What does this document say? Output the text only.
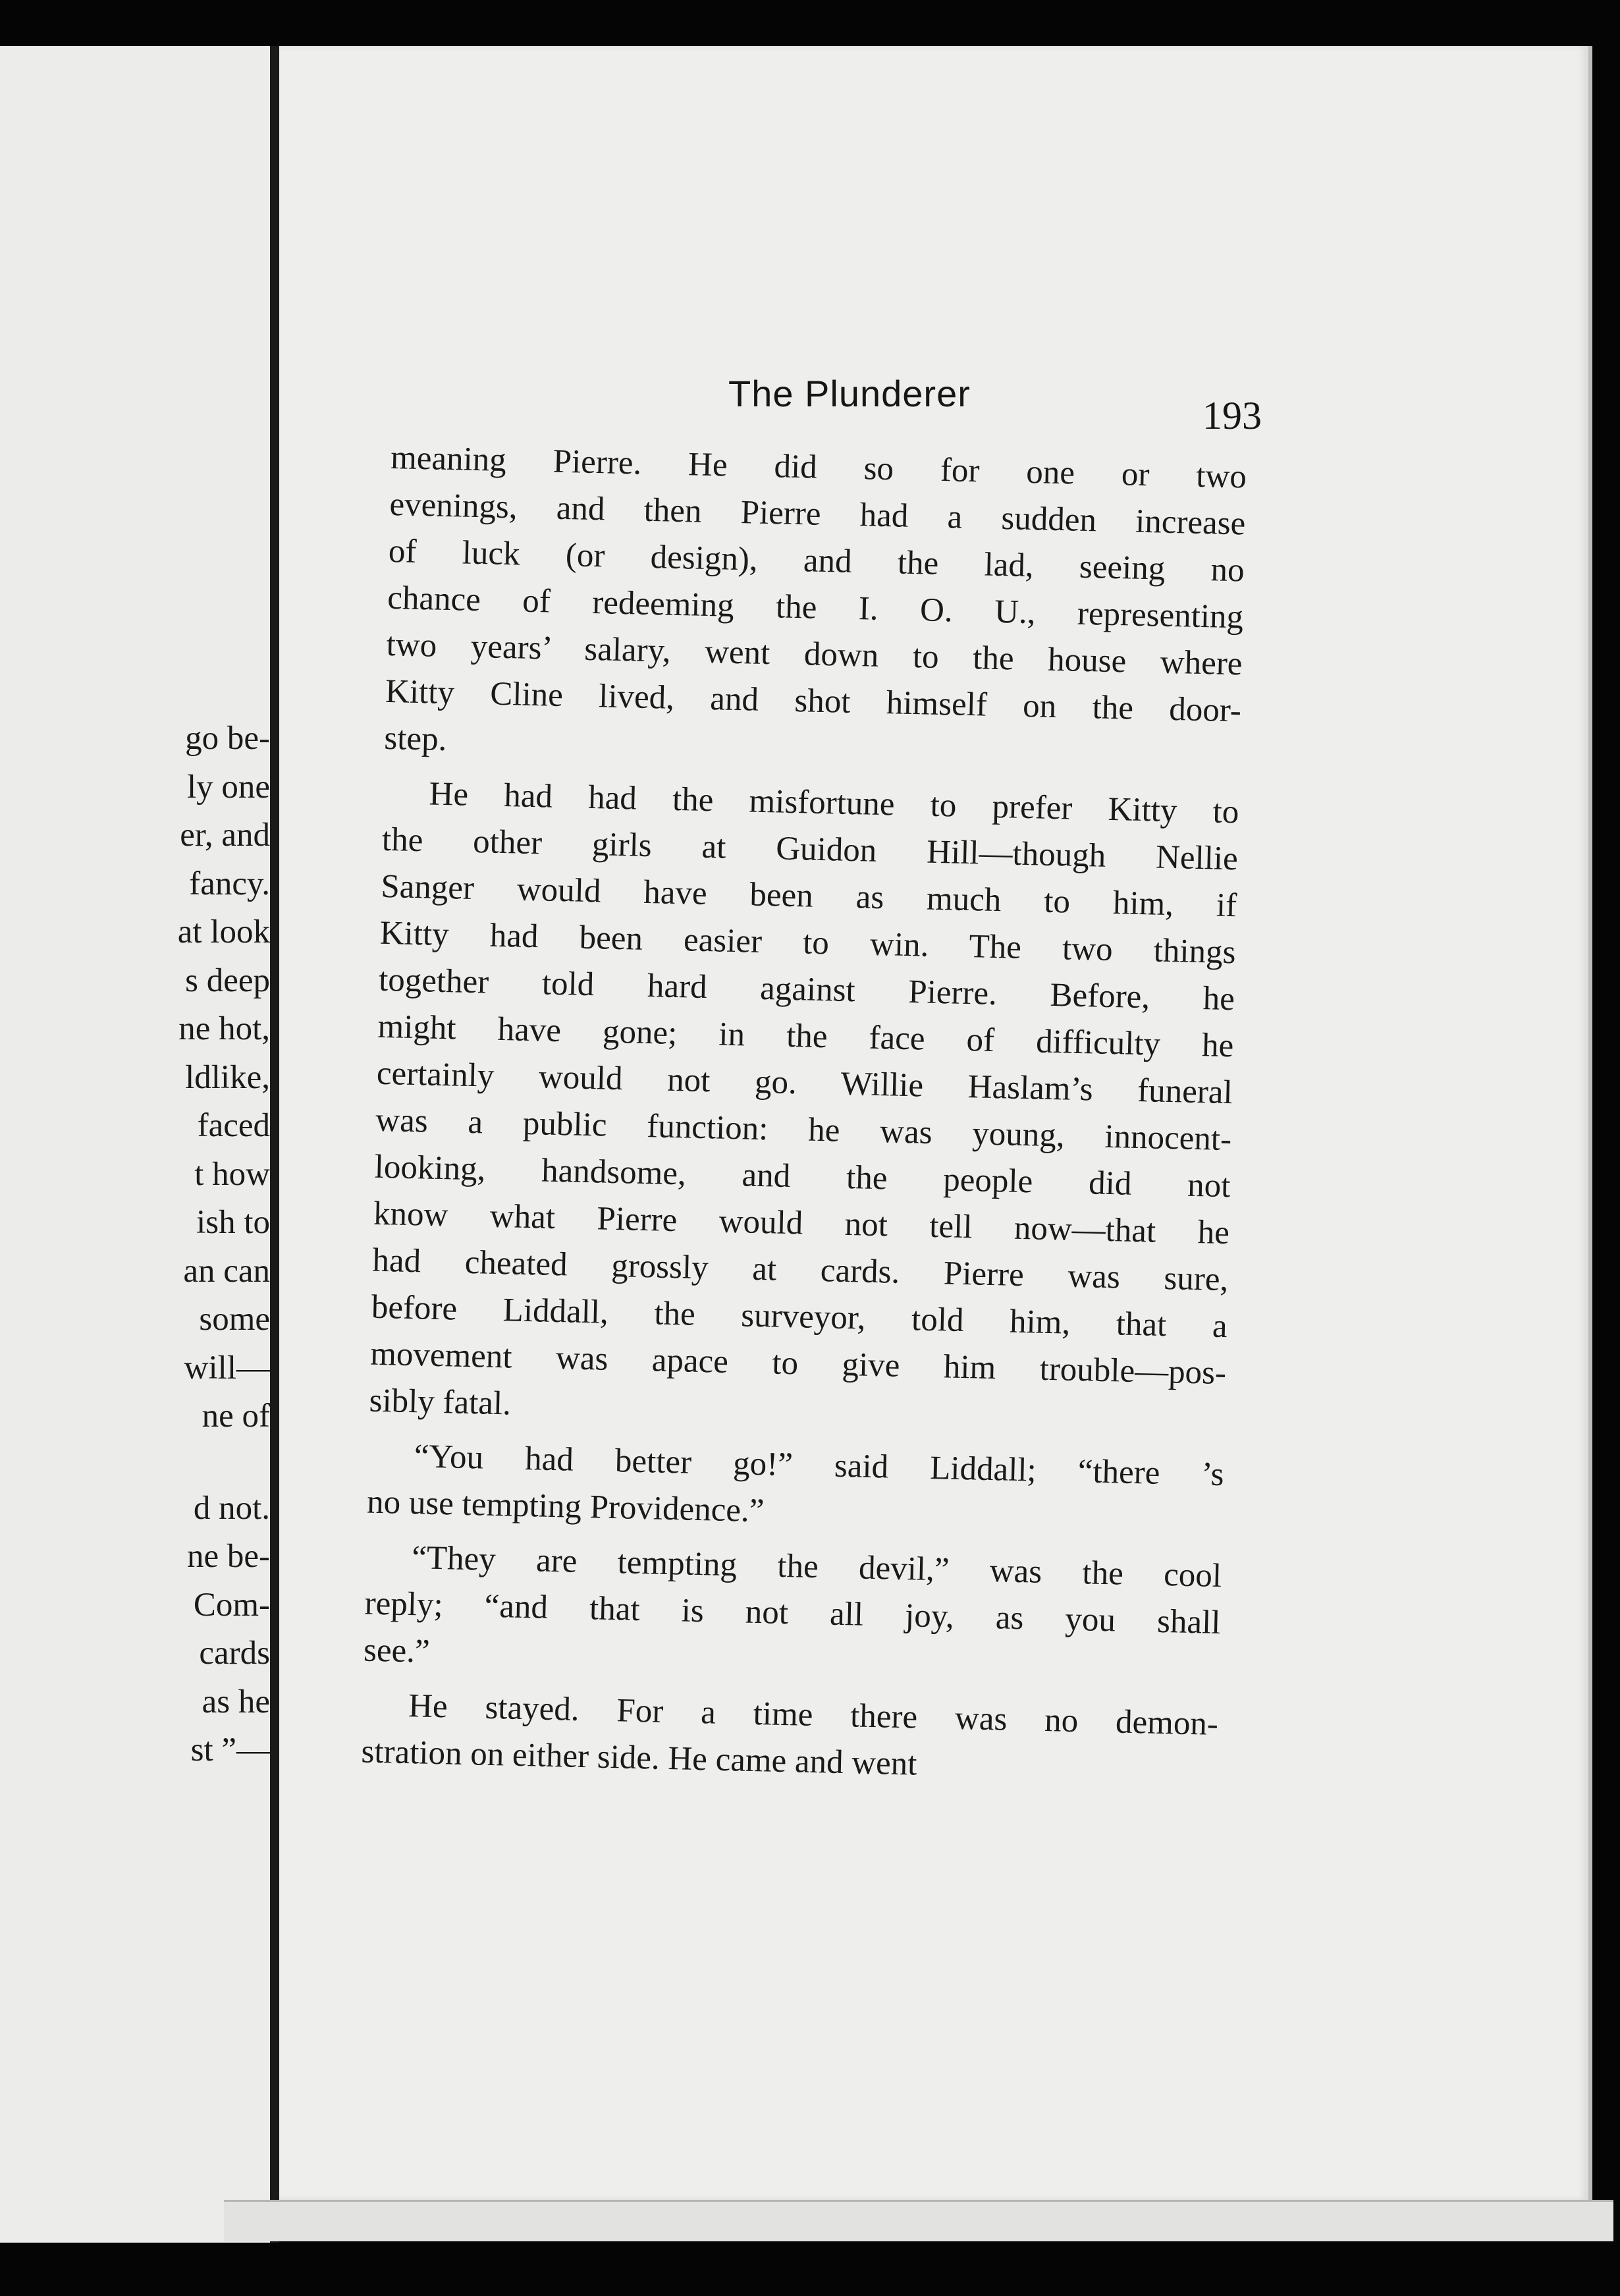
go be-
ly one
er, and
fancy.
at look
s deep
ne hot,
ldlike,
faced
t how
ish to
an can
some
will—
ne of
d not.
ne be-
Com-
cards
as he
st ”—
The Plunderer
193
meaning Pierre. He did so for one or two
evenings, and then Pierre had a sudden increase
of luck (or design), and the lad, seeing no
chance of redeeming the I. O. U., representing
two years’ salary, went down to the house where
Kitty Cline lived, and shot himself on the door-
step.
He had had the misfortune to prefer Kitty to
the other girls at Guidon Hill—though Nellie
Sanger would have been as much to him, if
Kitty had been easier to win. The two things
together told hard against Pierre. Before, he
might have gone; in the face of difficulty he
certainly would not go. Willie Haslam’s funeral
was a public function: he was young, innocent-
looking, handsome, and the people did not
know what Pierre would not tell now—that he
had cheated grossly at cards. Pierre was sure,
before Liddall, the surveyor, told him, that a
movement was apace to give him trouble—pos-
sibly fatal.
“You had better go!” said Liddall; “there ’s
no use tempting Providence.”
“They are tempting the devil,” was the cool
reply; “and that is not all joy, as you shall
see.”
He stayed. For a time there was no demon-
stration on either side. He came and went
